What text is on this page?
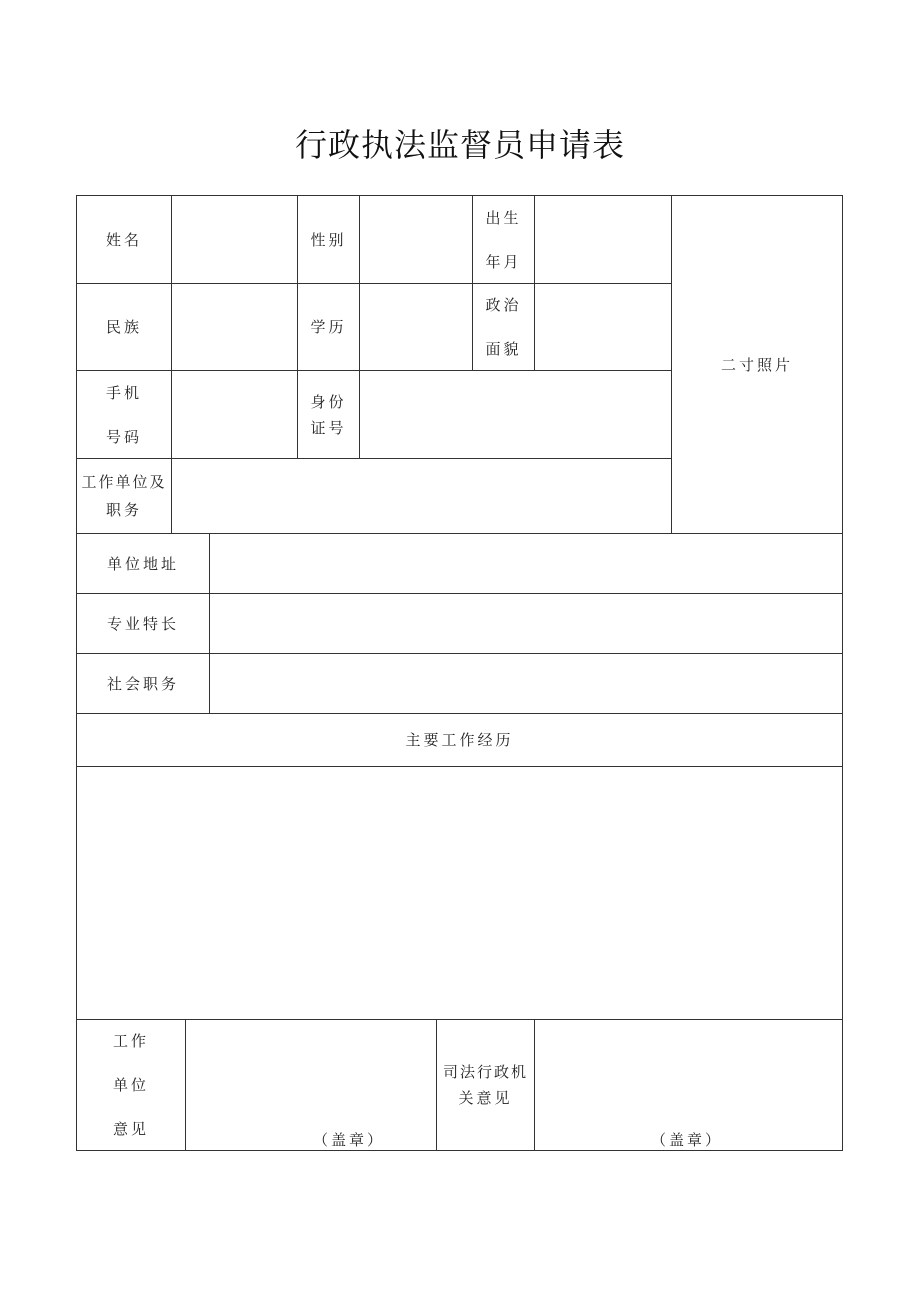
行政执法监督员申请表
姓名	性别
出生
年月
二寸照片
民族	学历
政治
面貌
手机
号码
身份
证号
工作单位及
职务
单位地址
专业特长
社会职务
主要工作经历
工作
单位
意见
（盖章）
司法行政机
关意见
（盖章）
